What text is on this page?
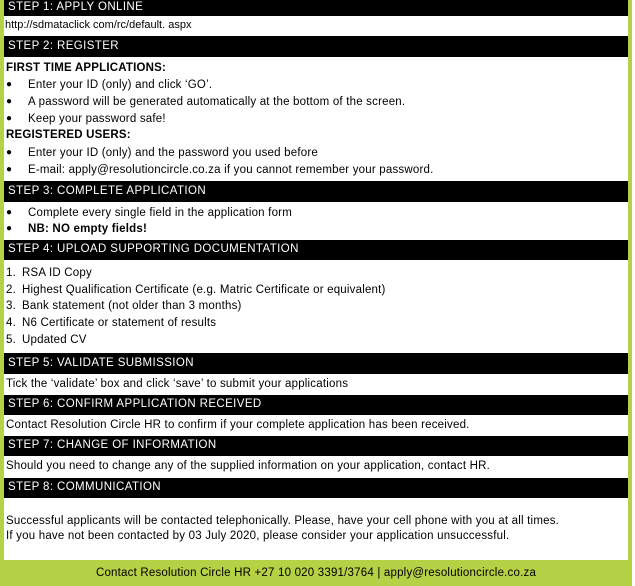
STEP 1: APPLY ONLINE
http://sdmataclick com/rc/default. aspx
STEP 2: REGISTER
FIRST TIME APPLICATIONS:
●	Enter your ID (only) and click ‘GO’.
●	A password will be generated automatically at the bottom of the screen.
●	Keep your password safe!
REGISTERED USERS:
●	Enter your ID (only) and the password you used before
●	E-mail: apply@resolutioncircle.co.za if you cannot remember your password.
STEP 3: COMPLETE APPLICATION
●	Complete every single field in the application form
●	NB: NO empty fields!
STEP 4: UPLOAD SUPPORTING DOCUMENTATION
1. RSA ID Copy
2. Highest Qualification Certificate (e.g. Matric Certificate or equivalent)
3. Bank statement (not older than 3 months)
4. N6 Certificate or statement of results
5. Updated CV
STEP 5: VALIDATE SUBMISSION
Tick the ‘validate’ box and click ‘save’ to submit your applications
STEP 6: CONFIRM APPLICATION RECEIVED
Contact Resolution Circle HR to confirm if your complete application has been received.
STEP 7: CHANGE OF INFORMATION
Should you need to change any of the supplied information on your application, contact HR.
STEP 8: COMMUNICATION
Successful applicants will be contacted telephonically. Please, have your cell phone with you at all times.
If you have not been contacted by 03 July 2020, please consider your application unsuccessful.
Contact Resolution Circle HR +27 10 020 3391/3764 | apply@resolutioncircle.co.za
